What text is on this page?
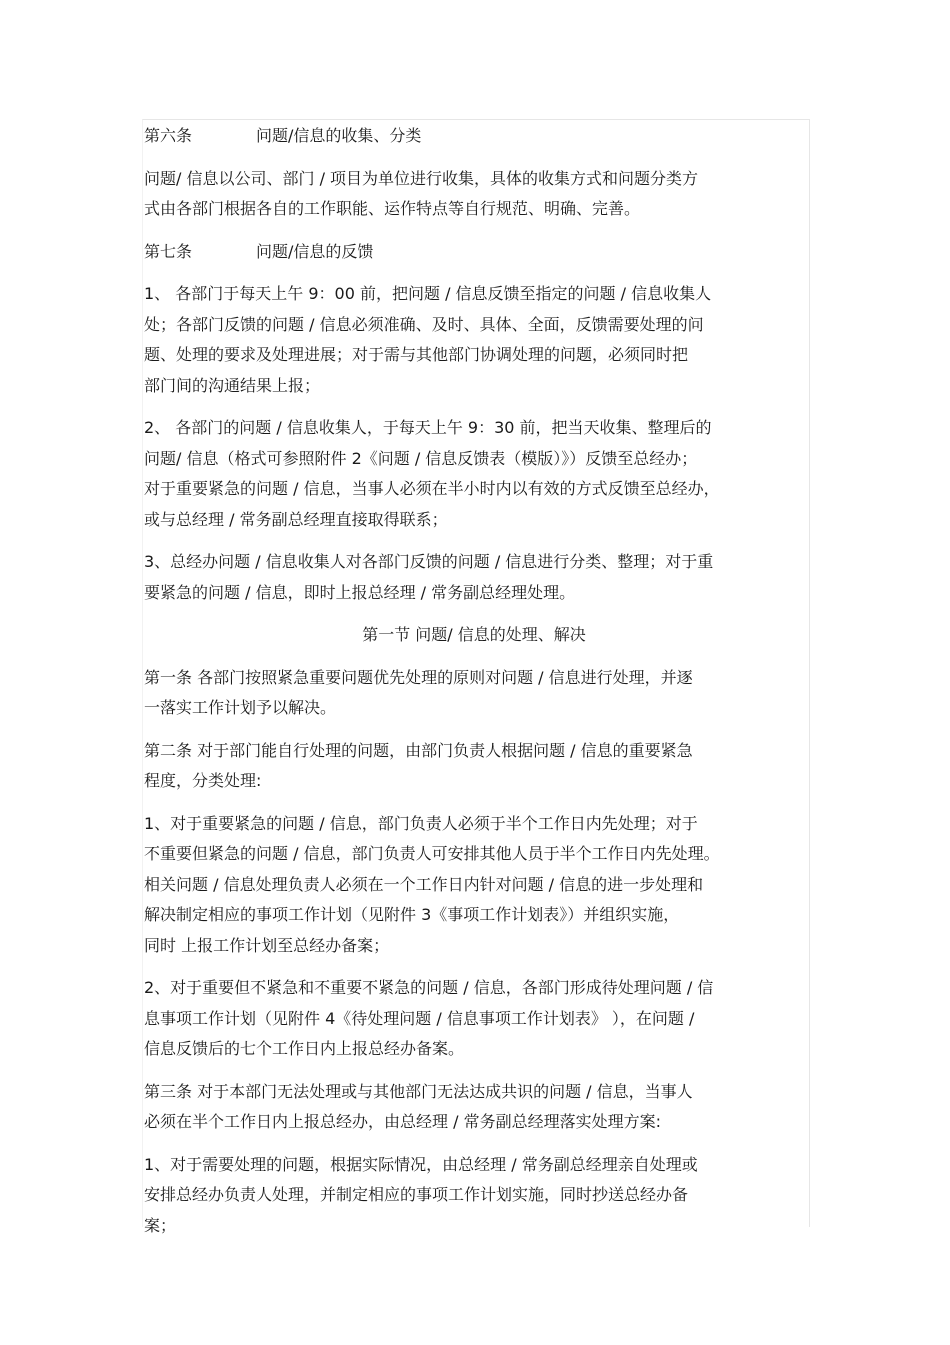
第六条	问题/信息的收集、分类
问题/ 信息以公司、部门 / 项目为单位进行收集，具体的收集方式和问题分类方
式由各部门根据各自的工作职能、运作特点等自行规范、明确、完善。
第七条	问题/信息的反馈
1、 各部门于每天上午 9：00 前，把问题 / 信息反馈至指定的问题 / 信息收集人
处；各部门反馈的问题 / 信息必须准确、及时、具体、全面，反馈需要处理的问
题、处理的要求及处理进展；对于需与其他部门协调处理的问题，必须同时把
部门间的沟通结果上报；
2、 各部门的问题 / 信息收集人，于每天上午 9：30 前，把当天收集、整理后的
问题/ 信息（格式可参照附件 2《问题 / 信息反馈表（模版）》）反馈至总经办；
对于重要紧急的问题 / 信息，当事人必须在半小时内以有效的方式反馈至总经办，
或与总经理 / 常务副总经理直接取得联系；
3、总经办问题 / 信息收集人对各部门反馈的问题 / 信息进行分类、整理；对于重
要紧急的问题 / 信息，即时上报总经理 / 常务副总经理处理。
第一节 问题/ 信息的处理、解决
第一条 各部门按照紧急重要问题优先处理的原则对问题 / 信息进行处理，并逐
一落实工作计划予以解决。
第二条 对于部门能自行处理的问题，由部门负责人根据问题 / 信息的重要紧急
程度，分类处理:
1、对于重要紧急的问题 / 信息，部门负责人必须于半个工作日内先处理；对于
不重要但紧急的问题 / 信息，部门负责人可安排其他人员于半个工作日内先处理。
相关问题 / 信息处理负责人必须在一个工作日内针对问题 / 信息的进一步处理和
解决制定相应的事项工作计划（见附件 3《事项工作计划表》）并组织实施，
同时 上报工作计划至总经办备案；
2、对于重要但不紧急和不重要不紧急的问题 / 信息，各部门形成待处理问题 / 信
息事项工作计划（见附件 4《待处理问题 / 信息事项工作计划表》 ），在问题 /
信息反馈后的七个工作日内上报总经办备案。
第三条 对于本部门无法处理或与其他部门无法达成共识的问题 / 信息，当事人
必须在半个工作日内上报总经办，由总经理 / 常务副总经理落实处理方案:
1、对于需要处理的问题，根据实际情况，由总经理 / 常务副总经理亲自处理或
安排总经办负责人处理，并制定相应的事项工作计划实施，同时抄送总经办备
案；
